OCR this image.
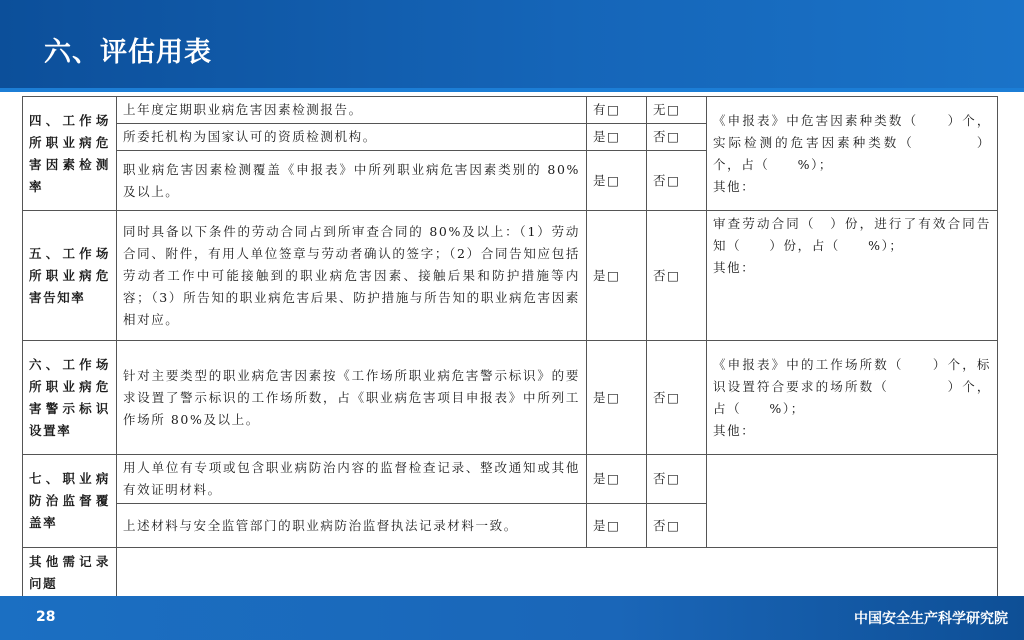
六、评估用表
四、工作场所职业病危害因素检测率	上年度定期职业病危害因素检测报告。	有□	无□	《申报表》中危害因素种类数（　　）个，实际检测的危害因素种类数（　　　　）个，占（　　%）；
其他：

	所委托机构为国家认可的资质检测机构。	是□	否□	
	职业病危害因素检测覆盖《申报表》中所列职业病危害因素类别的 80%及以上。	是□	否□	
五、工作场所职业病危害告知率	同时具备以下条件的劳动合同占到所审查合同的 80%及以上：（1）劳动合同、附件，有用人单位签章与劳动者确认的签字；（2）合同告知应包括劳动者工作中可能接触到的职业病危害因素、接触后果和防护措施等内容；（3）所告知的职业病危害后果、防护措施与所告知的职业病危害因素相对应。	是□	否□	审查劳动合同（　）份，进行了有效合同告知（　　）份，占（　　%）；
其他：

六、工作场所职业病危害警示标识设置率	针对主要类型的职业病危害因素按《工作场所职业病危害警示标识》的要求设置了警示标识的工作场所数，占《职业病危害项目申报表》中所列工作场所 80%及以上。	是□	否□	《申报表》中的工作场所数（　　）个，标识设置符合要求的场所数（　　　　）个，占（　　%）；
其他：

七、职业病防治监督覆盖率	用人单位有专项或包含职业病防治内容的监督检查记录、整改通知或其他有效证明材料。	是□	否□	
	上述材料与安全监管部门的职业病防治监督执法记录材料一致。	是□	否□	
其他需记录问题				
28	中国安全生产科学研究院
